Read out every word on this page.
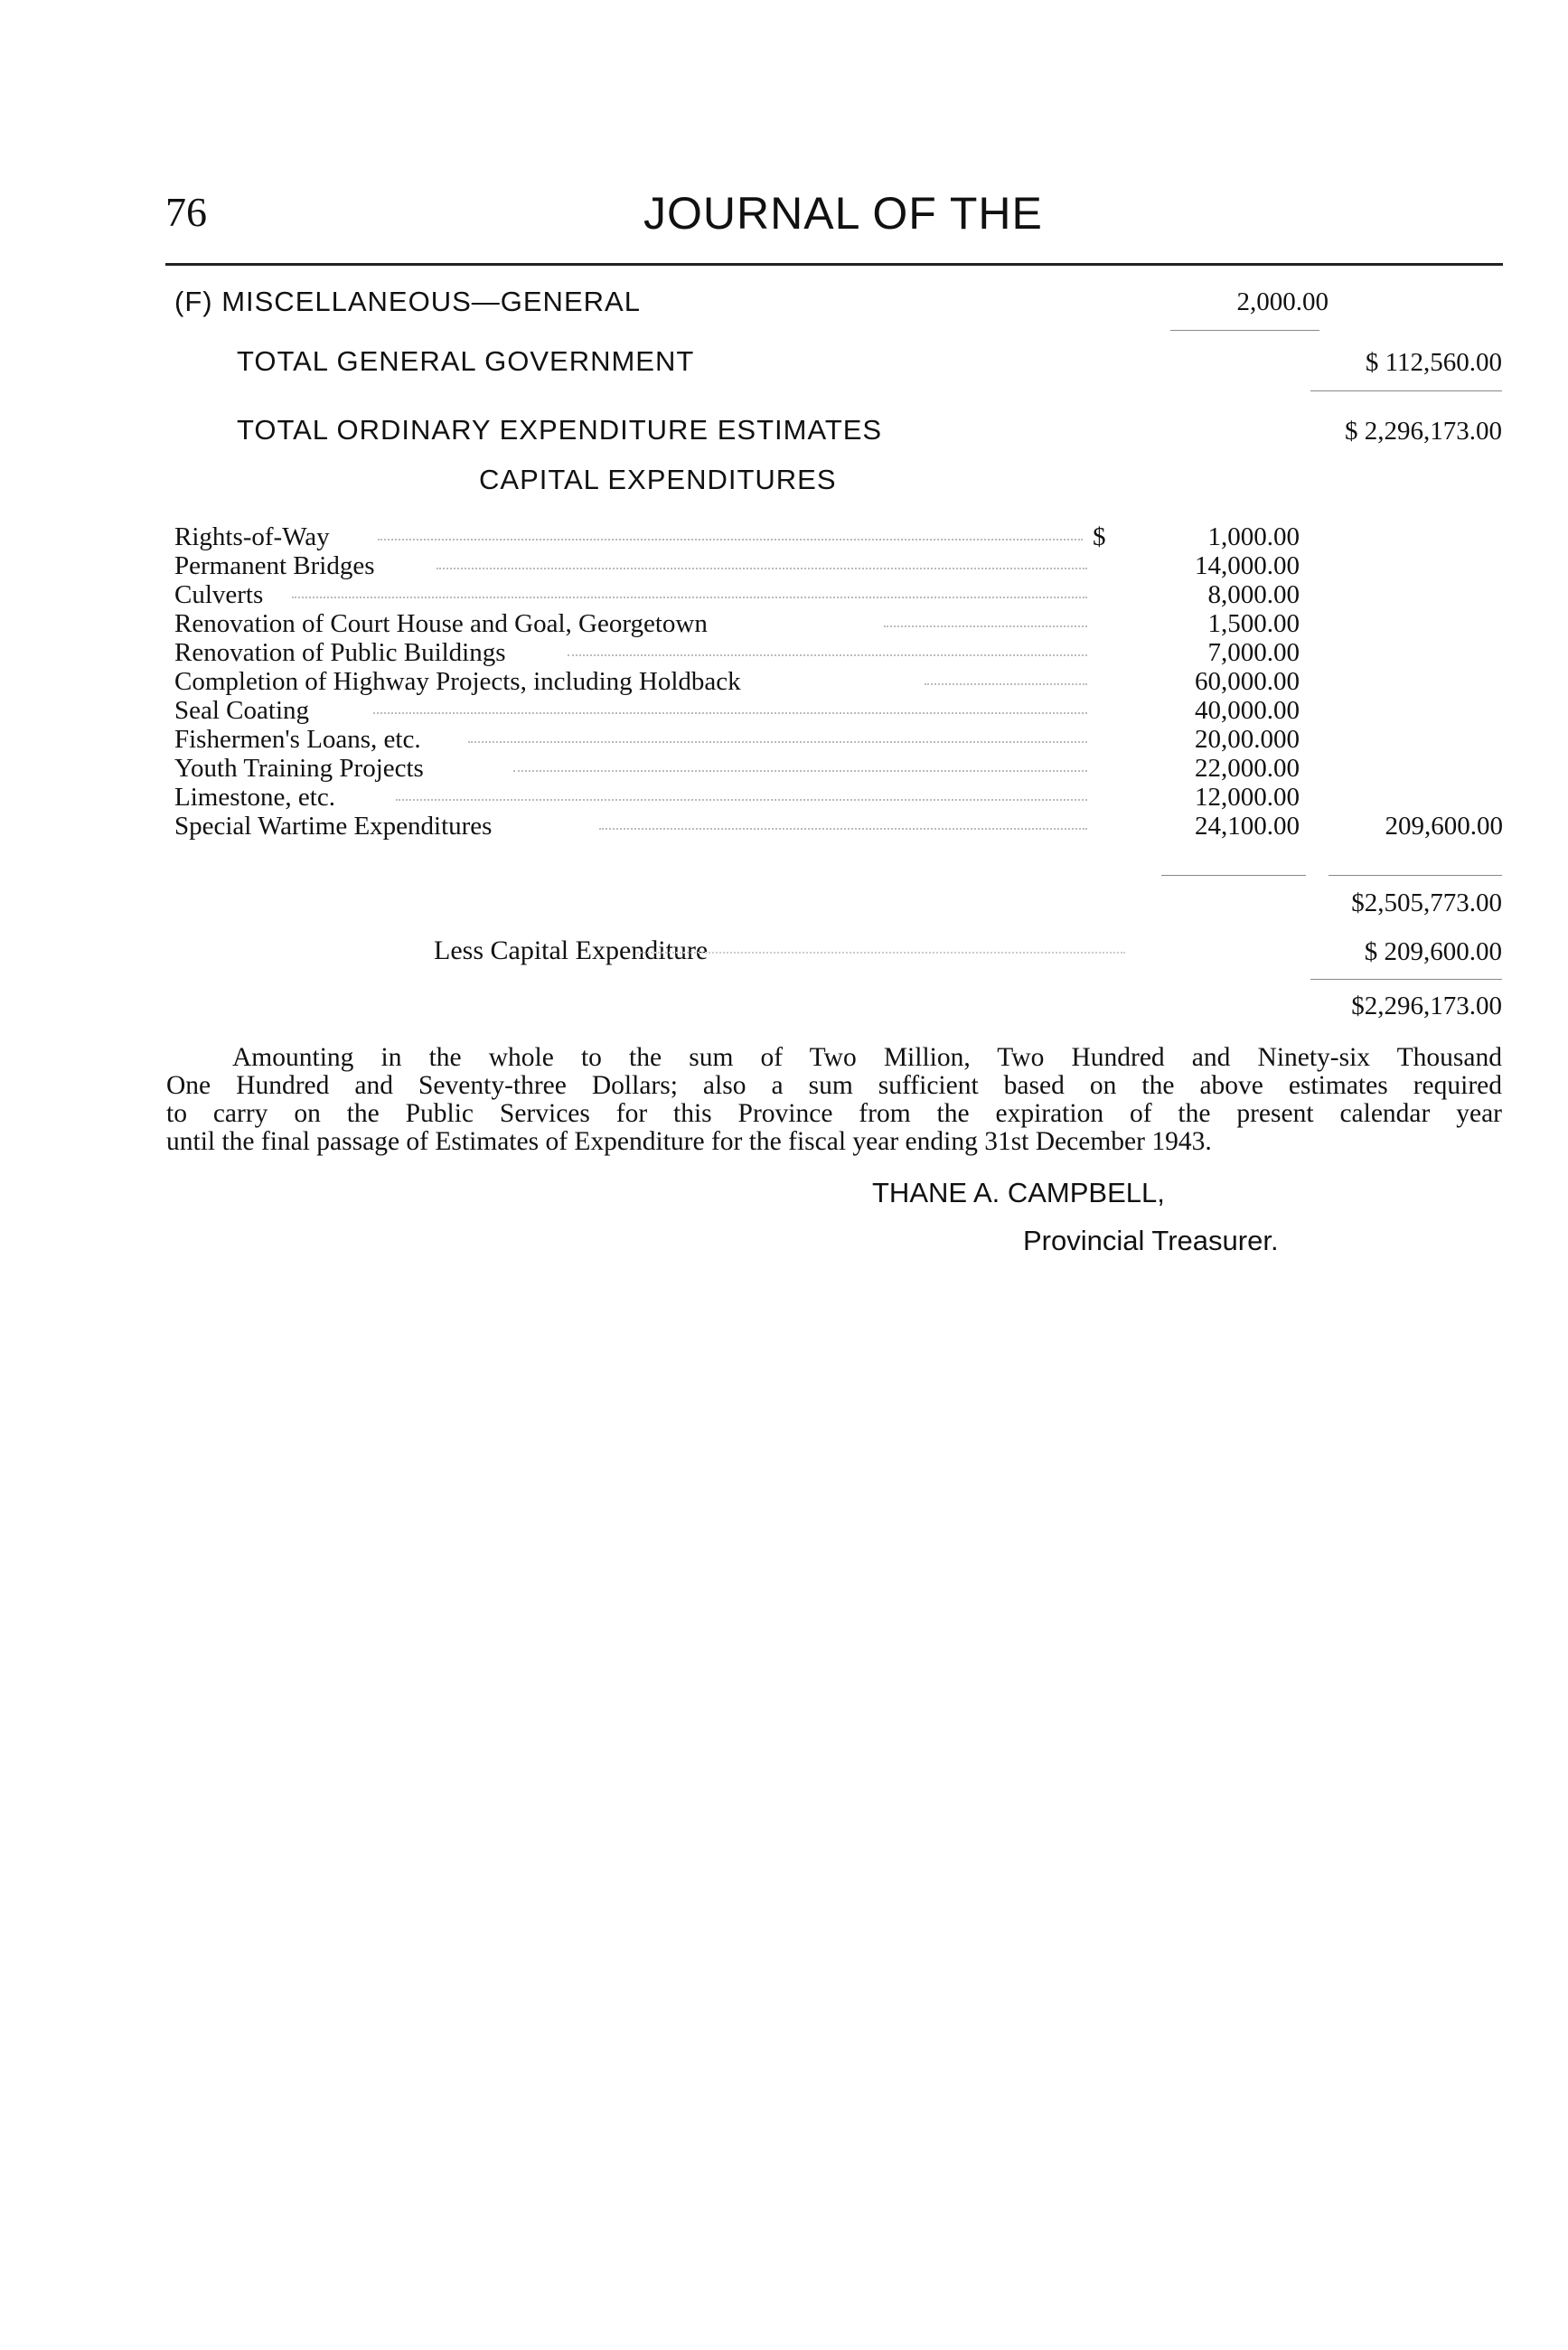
76	JOURNAL OF THE
(F) MISCELLANEOUS—GENERAL	2,000.00
TOTAL GENERAL GOVERNMENT	$ 112,560.00
TOTAL ORDINARY EXPENDITURE ESTIMATES	$ 2,296,173.00
CAPITAL EXPENDITURES
Rights-of-Way	$	1,000.00
Permanent Bridges	14,000.00
Culverts	8,000.00
Renovation of Court House and Goal, Georgetown	1,500.00
Renovation of Public Buildings	7,000.00
Completion of Highway Projects, including Holdback	60,000.00
Seal Coating	40,000.00
Fishermen's Loans, etc.	20,00.000
Youth Training Projects	22,000.00
Limestone, etc.	12,000.00
Special Wartime Expenditures	24,100.00	209,600.00
$2,505,773.00
Less Capital Expenditure	$ 209,600.00
$2,296,173.00
Amounting in the whole to the sum of Two Million, Two Hundred and Ninety-six Thousand
One Hundred and Seventy-three Dollars; also a sum sufficient based on the above estimates required
to carry on the Public Services for this Province from the expiration of the present calendar year
until the final passage of Estimates of Expenditure for the fiscal year ending 31st December 1943.
THANE A. CAMPBELL,
Provincial Treasurer.
